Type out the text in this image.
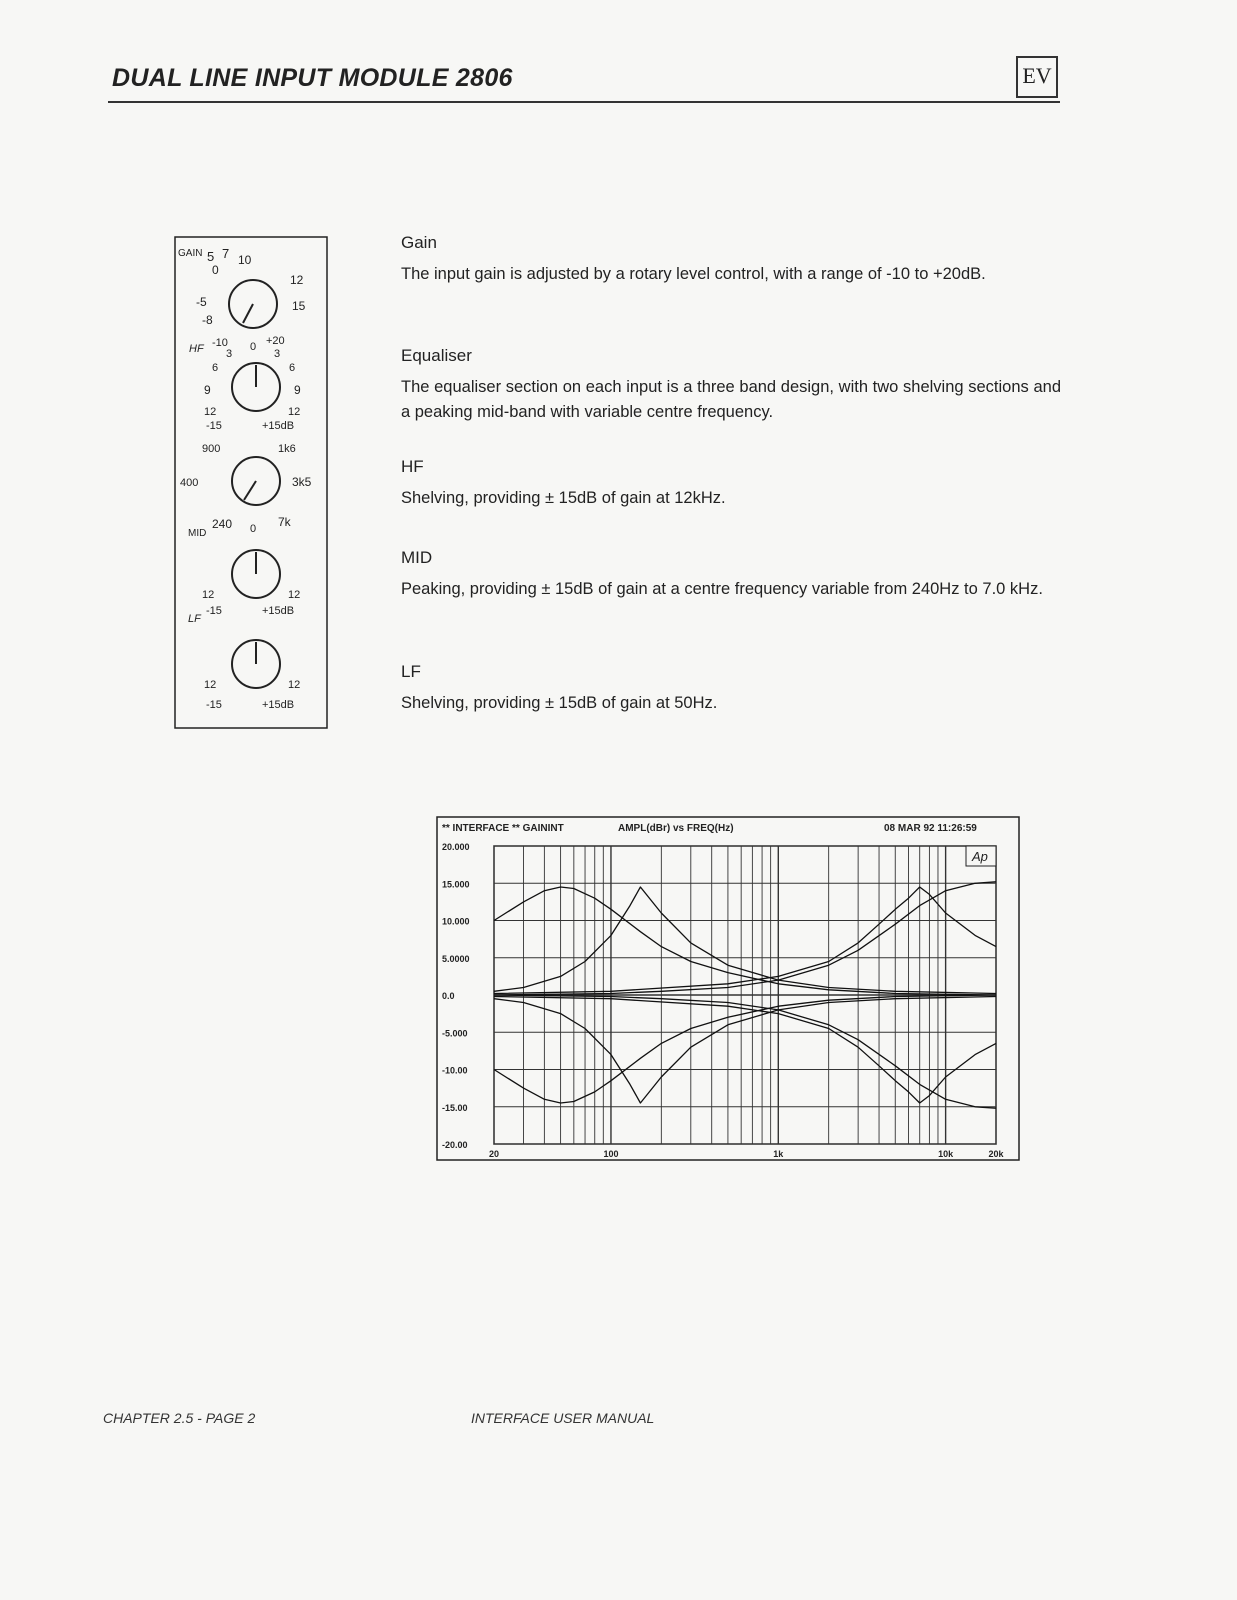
DUAL LINE INPUT MODULE 2806	EV
GAIN 5 7 10
0
12
-5	15
-8
HF -10 0 +20
3	3
6	6
9	9
12	12
-15	+15dB
900	1k6
400	3k5
MID
240 0 7k
12	12
LF
-15	+15dB
12	12
-15	+15dB
Gain

The input gain is adjusted by a rotary level control, with a range of -10 to +20dB.

Equaliser

The equaliser section on each input is a three band design, with two shelving sections and a peaking mid-band with variable centre frequency.

HF

Shelving, providing ± 15dB of gain at 12kHz.

MID

Peaking, providing ± 15dB of gain at a centre frequency variable from 240Hz to 7.0 kHz.

LF

Shelving, providing ± 15dB of gain at 50Hz.

** INTERFACE ** GAININT	AMPL(dBr) vs FREQ(Hz)	08 MAR 92 11:26:59
20.000
15.000
10.000
5.0000
0.0
-5.000
-10.00
-15.00
-20.00
20	100	1k	10k	20k
Ap
CHAPTER 2.5 - PAGE 2	INTERFACE USER MANUAL
